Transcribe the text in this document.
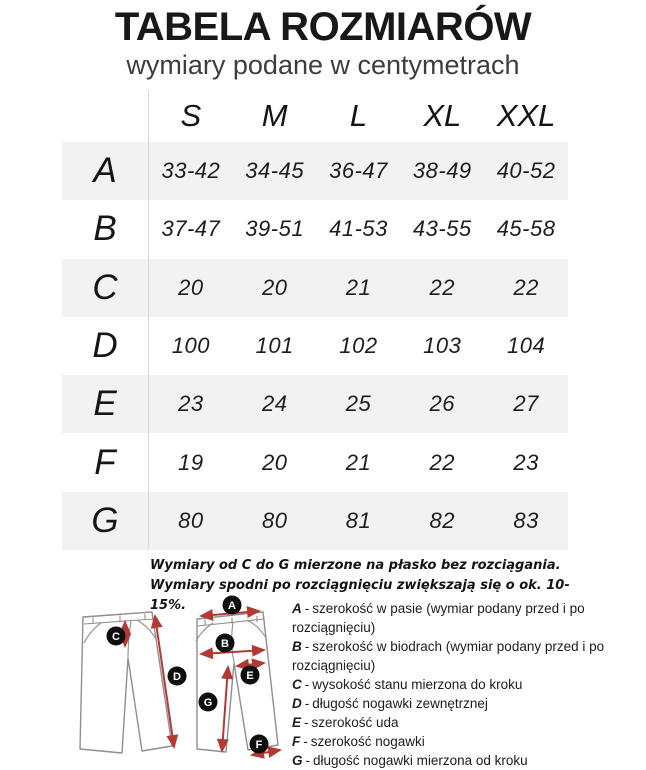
TABELA ROZMIARÓW
wymiary podane w centymetrach
S	M	L	XL	XXL
A	33-42	34-45	36-47	38-49	40-52
B	37-47	39-51	41-53	43-55	45-58
C	20	20	21	22	22
D	100	101	102	103	104
E	23	24	25	26	27
F	19	20	21	22	23
G	80	80	81	82	83
Wymiary od C do G mierzone na płasko bez rozciągania.
Wymiary spodni po rozciągnięciu zwiększają się o ok. 10-15%.	A - szerokość w pasie (wymiar podany przed i po rozciągnięciu)
B - szerokość w biodrach (wymiar podany przed i po rozciągnięciu)
C - wysokość stanu mierzona do kroku
D - długość nogawki zewnętrznej
E - szerokość uda
F - szerokość nogawki
G - długość nogawki mierzona od kroku
A
B
C
D	E
F
G
